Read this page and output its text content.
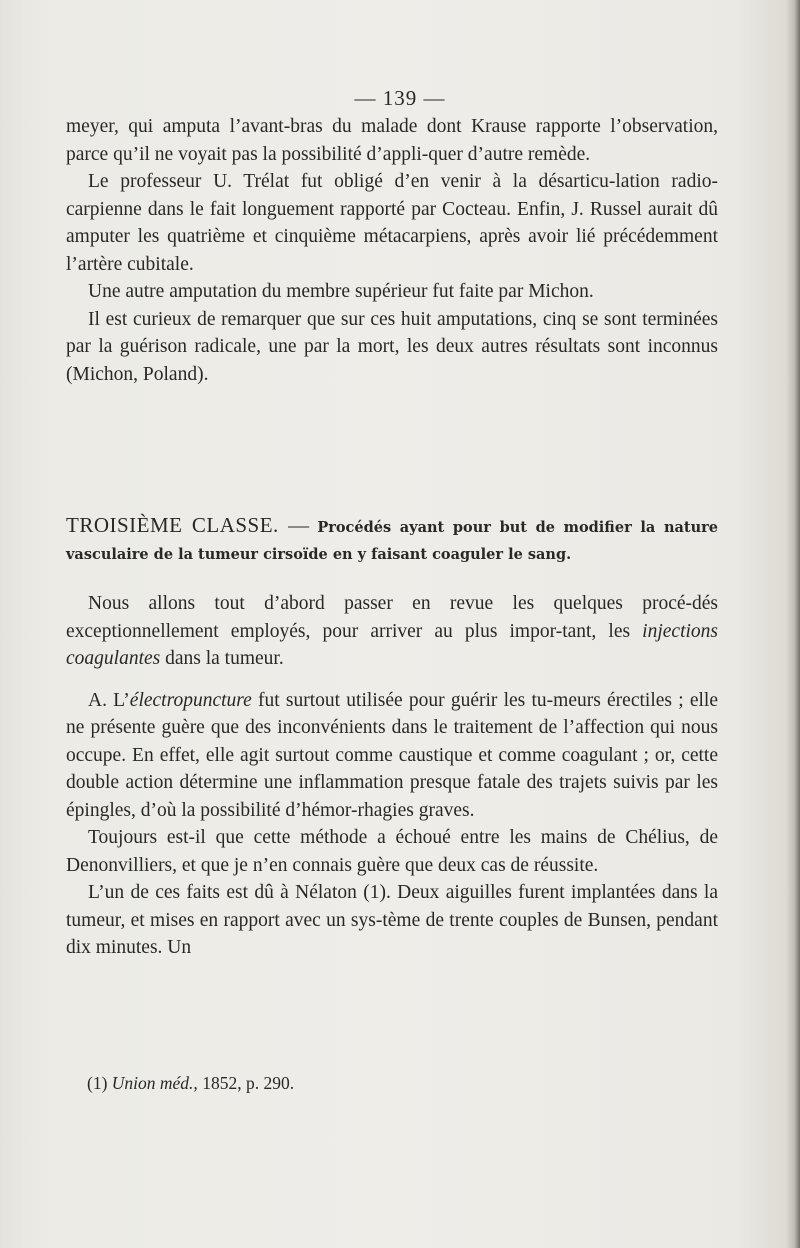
— 139 —

meyer, qui amputa l’avant-bras du malade dont Krause rapporte l’observation, parce qu’il ne voyait pas la possibilité d’appli-quer d’autre remède.

Le professeur U. Trélat fut obligé d’en venir à la désarticu-lation radio-carpienne dans le fait longuement rapporté par Cocteau. Enfin, J. Russel aurait dû amputer les quatrième et cinquième métacarpiens, après avoir lié précédemment l’artère cubitale.

Une autre amputation du membre supérieur fut faite par Michon.

Il est curieux de remarquer que sur ces huit amputations, cinq se sont terminées par la guérison radicale, une par la mort, les deux autres résultats sont inconnus (Michon, Poland).

TROISIÈME CLASSE. — Procédés ayant pour but de modifier la nature vasculaire de la tumeur cirsoïde en y faisant coaguler le sang.

Nous allons tout d’abord passer en revue les quelques procé-dés exceptionnellement employés, pour arriver au plus impor-tant, les injections coagulantes dans la tumeur.

A. L’électropuncture fut surtout utilisée pour guérir les tu-meurs érectiles ; elle ne présente guère que des inconvénients dans le traitement de l’affection qui nous occupe. En effet, elle agit surtout comme caustique et comme coagulant ; or, cette double action détermine une inflammation presque fatale des trajets suivis par les épingles, d’où la possibilité d’hémor-rhagies graves.

Toujours est-il que cette méthode a échoué entre les mains de Chélius, de Denonvilliers, et que je n’en connais guère que deux cas de réussite.

L’un de ces faits est dû à Nélaton (1). Deux aiguilles furent implantées dans la tumeur, et mises en rapport avec un sys-tème de trente couples de Bunsen, pendant dix minutes. Un

(1) Union méd., 1852, p. 290.
